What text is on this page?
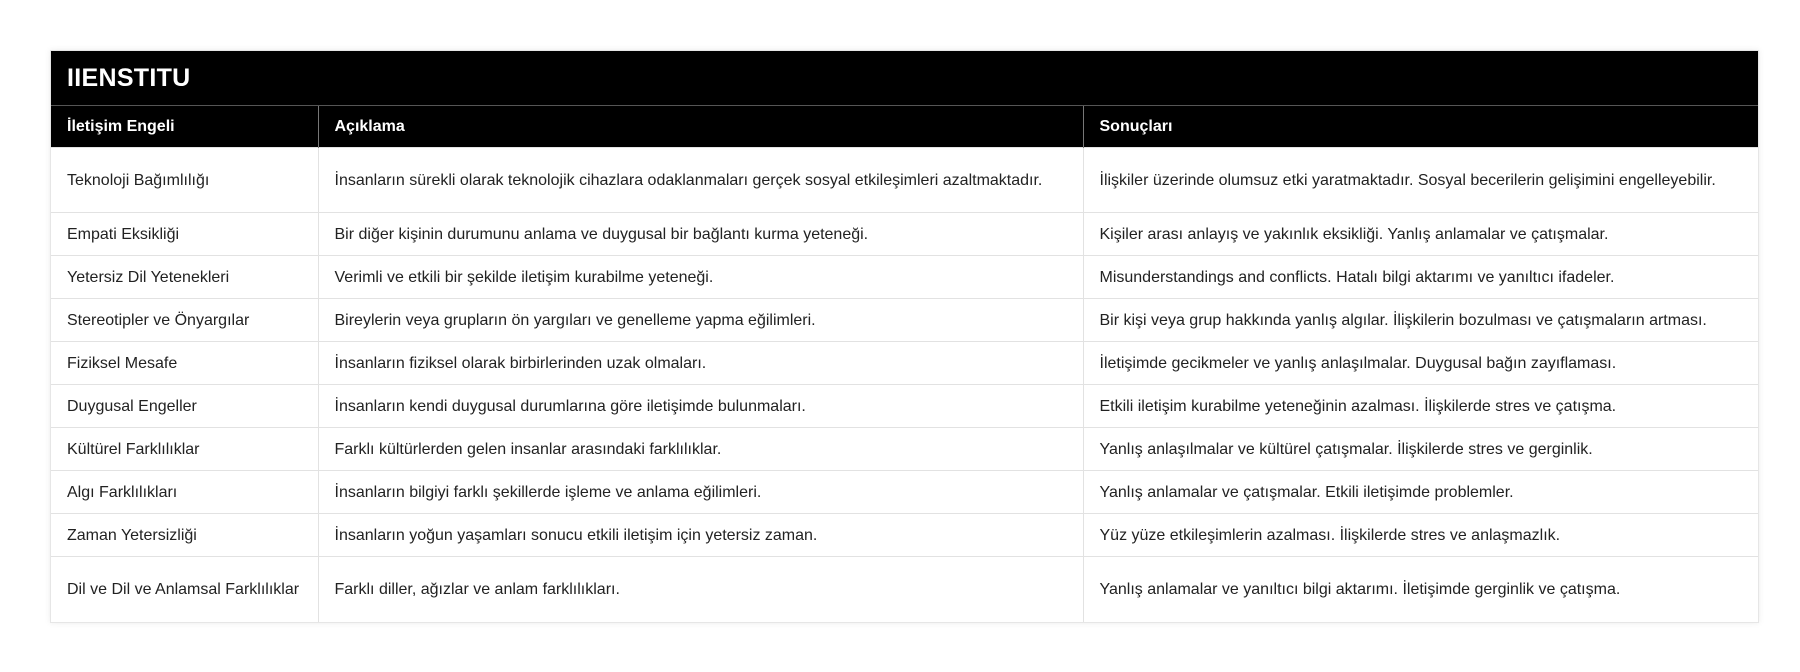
IIENSTITU
İletişim Engeli	Açıklama	Sonuçları
Teknoloji Bağımlılığı	İnsanların sürekli olarak teknolojik cihazlara odaklanmaları gerçek sosyal etkileşimleri azaltmaktadır.	İlişkiler üzerinde olumsuz etki yaratmaktadır. Sosyal becerilerin gelişimini engelleyebilir.
Empati Eksikliği	Bir diğer kişinin durumunu anlama ve duygusal bir bağlantı kurma yeteneği.	Kişiler arası anlayış ve yakınlık eksikliği. Yanlış anlamalar ve çatışmalar.
Yetersiz Dil Yetenekleri	Verimli ve etkili bir şekilde iletişim kurabilme yeteneği.	Misunderstandings and conflicts. Hatalı bilgi aktarımı ve yanıltıcı ifadeler.
Stereotipler ve Önyargılar	Bireylerin veya grupların ön yargıları ve genelleme yapma eğilimleri.	Bir kişi veya grup hakkında yanlış algılar. İlişkilerin bozulması ve çatışmaların artması.
Fiziksel Mesafe	İnsanların fiziksel olarak birbirlerinden uzak olmaları.	İletişimde gecikmeler ve yanlış anlaşılmalar. Duygusal bağın zayıflaması.
Duygusal Engeller	İnsanların kendi duygusal durumlarına göre iletişimde bulunmaları.	Etkili iletişim kurabilme yeteneğinin azalması. İlişkilerde stres ve çatışma.
Kültürel Farklılıklar	Farklı kültürlerden gelen insanlar arasındaki farklılıklar.	Yanlış anlaşılmalar ve kültürel çatışmalar. İlişkilerde stres ve gerginlik.
Algı Farklılıkları	İnsanların bilgiyi farklı şekillerde işleme ve anlama eğilimleri.	Yanlış anlamalar ve çatışmalar. Etkili iletişimde problemler.
Zaman Yetersizliği	İnsanların yoğun yaşamları sonucu etkili iletişim için yetersiz zaman.	Yüz yüze etkileşimlerin azalması. İlişkilerde stres ve anlaşmazlık.
Dil ve Dil ve Anlamsal Farklılıklar	Farklı diller, ağızlar ve anlam farklılıkları.	Yanlış anlamalar ve yanıltıcı bilgi aktarımı. İletişimde gerginlik ve çatışma.
